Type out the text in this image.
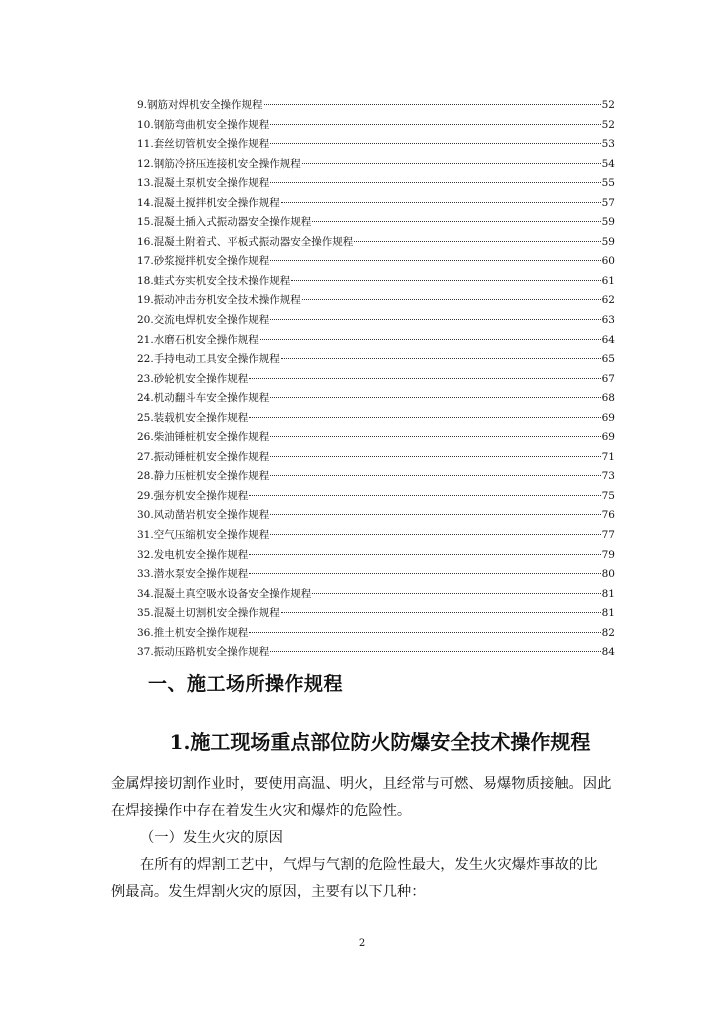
9.钢筋对焊机安全操作规程	52
10.钢筋弯曲机安全操作规程	52
11.套丝切管机安全操作规程	53
12.钢筋冷挤压连接机安全操作规程	54
13.混凝土泵机安全操作规程	55
14.混凝土搅拌机安全操作规程	57
15.混凝土插入式振动器安全操作规程	59
16.混凝土附着式、平板式振动器安全操作规程	59
17.砂浆搅拌机安全操作规程	60
18.蛙式夯实机安全技术操作规程	61
19.振动冲击夯机安全技术操作规程	62
20.交流电焊机安全操作规程	63
21.水磨石机安全操作规程	64
22.手持电动工具安全操作规程	65
23.砂轮机安全操作规程	67
24.机动翻斗车安全操作规程	68
25.装载机安全操作规程	69
26.柴油锤桩机安全操作规程	69
27.振动锤桩机安全操作规程	71
28.静力压桩机安全操作规程	73
29.强夯机安全操作规程	75
30.风动凿岩机安全操作规程	76
31.空气压缩机安全操作规程	77
32.发电机安全操作规程	79
33.潜水泵安全操作规程	80
34.混凝土真空吸水设备安全操作规程	81
35.混凝土切割机安全操作规程	81
36.推土机安全操作规程	82
37.振动压路机安全操作规程	84
一、施工场所操作规程
1.施工现场重点部位防火防爆安全技术操作规程

金属焊接切割作业时，要使用高温、明火，且经常与可燃、易爆物质接触。因此
在焊接操作中存在着发生火灾和爆炸的危险性。

（一）发生火灾的原因

在所有的焊割工艺中，气焊与气割的危险性最大，发生火灾爆炸事故的比
例最高。发生焊割火灾的原因，主要有以下几种：

2
